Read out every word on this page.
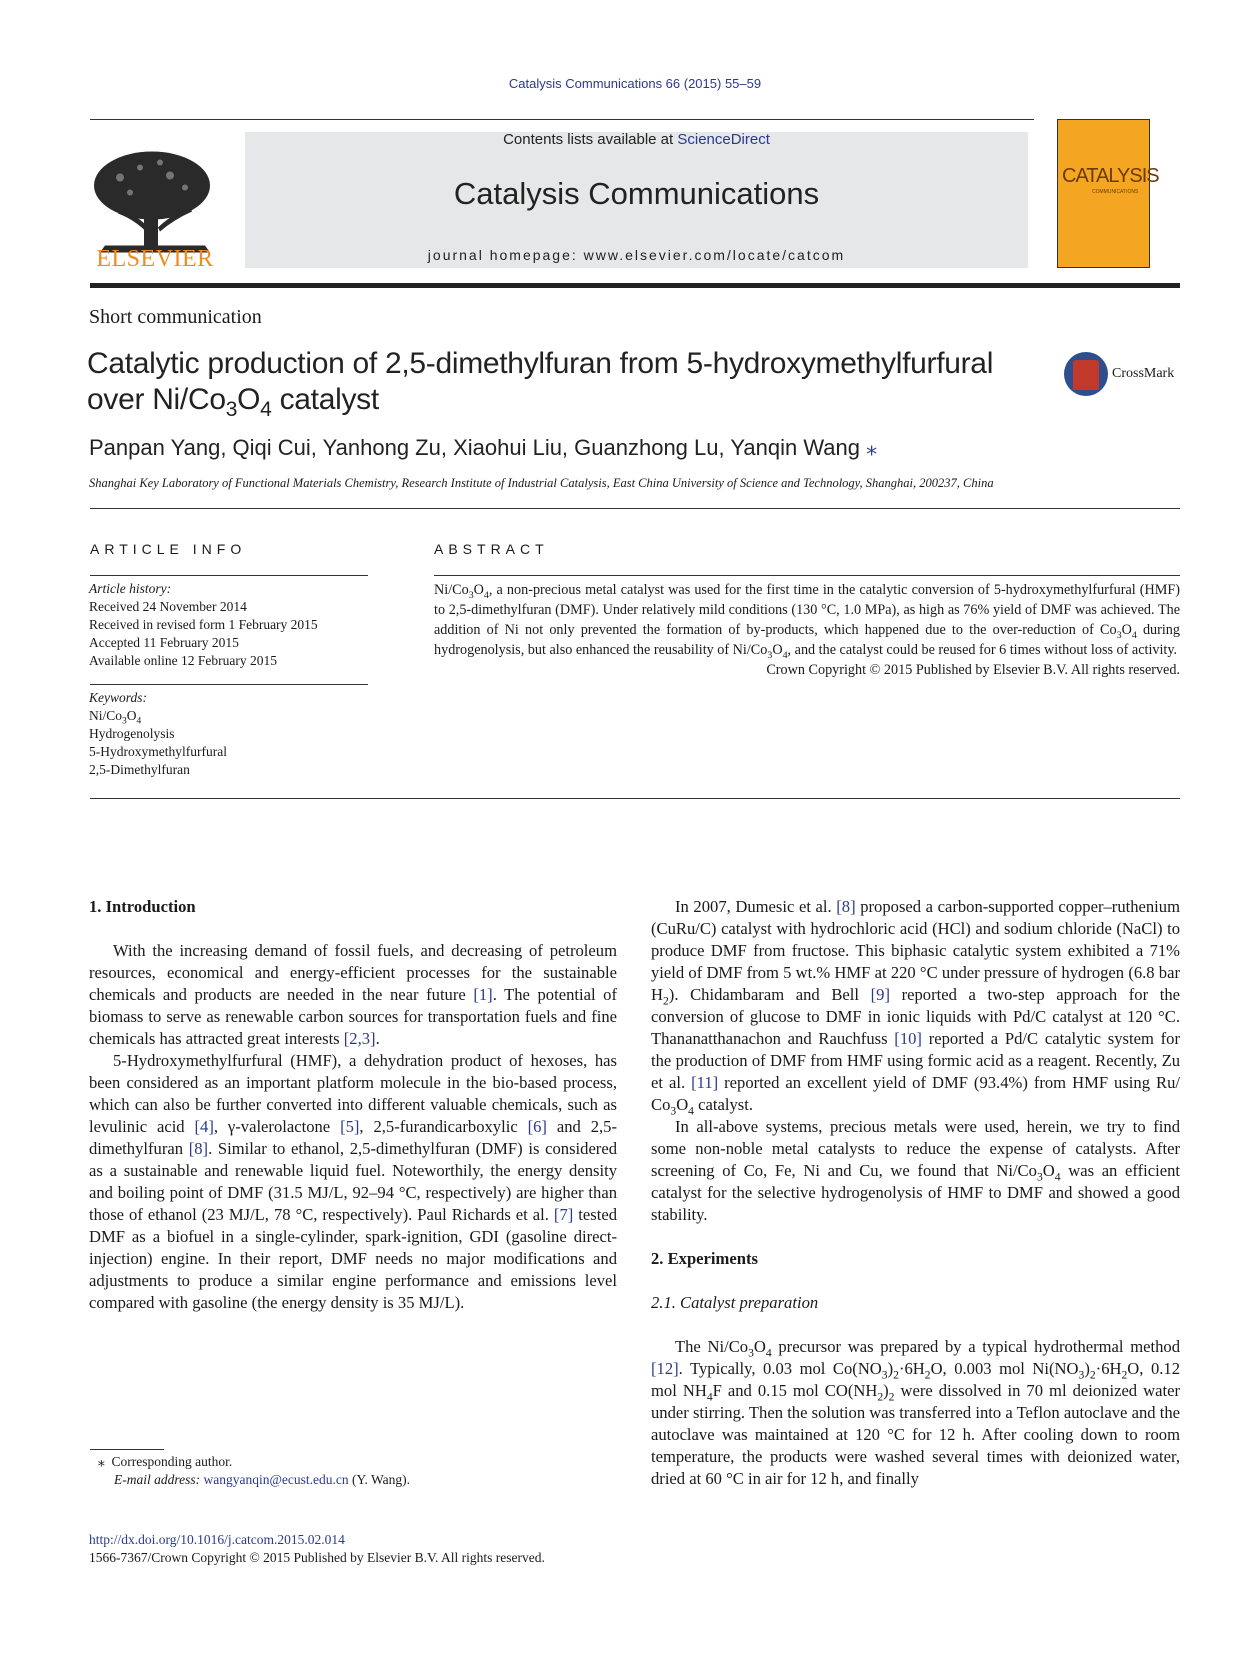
Catalysis Communications 66 (2015) 55–59
ELSEVIER
Contents lists available at ScienceDirect
Catalysis Communications
journal homepage: www.elsevier.com/locate/catcom
CATALYSIS
COMMUNICATIONS
Short communication
Catalytic production of 2,5-dimethylfuran from 5-hydroxymethylfurfural
over $Ni/Co_3O_4$ catalyst
CrossMark
Panpan Yang, Qiqi Cui, Yanhong Zu, Xiaohui Liu, Guanzhong Lu, Yanqin Wang ⁎
Shanghai Key Laboratory of Functional Materials Chemistry, Research Institute of Industrial Catalysis, East China University of Science and Technology, Shanghai, 200237, China
ARTICLE INFO
Article history:
Received 24 November 2014
Received in revised form 1 February 2015
Accepted 11 February 2015
Available online 12 February 2015
Keywords:
$Ni/Co_3O_4$
Hydrogenolysis
5-Hydroxymethylfurfural
2,5-Dimethylfuran
ABSTRACT
$Ni/Co_3O_4$, a non-precious metal catalyst was used for the first time in the catalytic conversion of 5-hydroxymethylfurfural (HMF) to 2,5-dimethylfuran (DMF). Under relatively mild conditions (130 °C, 1.0 MPa), as high as 76% yield of DMF was achieved. The addition of Ni not only prevented the formation of by-products, which happened due to the over-reduction of $Co_3O_4$ during hydrogenolysis, but also enhanced the reusability of $Ni/Co_3O_4$, and the catalyst could be reused for 6 times without loss of activity.
Crown Copyright © 2015 Published by Elsevier B.V. All rights reserved.

1. Introduction

With the increasing demand of fossil fuels, and decreasing of petroleum resources, economical and energy-efficient processes for the sustainable chemicals and products are needed in the near future [1]. The potential of biomass to serve as renewable carbon sources for transportation fuels and fine chemicals has attracted great interests [2,3].

5-Hydroxymethylfurfural (HMF), a dehydration product of hexoses, has been considered as an important platform molecule in the bio-based process, which can also be further converted into different valuable chemicals, such as levulinic acid [4], γ-valerolactone [5], 2,5-furandicarboxylic [6] and 2,5-dimethylfuran [8]. Similar to ethanol, 2,5-dimethylfuran (DMF) is considered as a sustainable and renewable liquid fuel. Noteworthily, the energy density and boiling point of DMF (31.5 MJ/L, 92–94 °C, respectively) are higher than those of ethanol (23 MJ/L, 78 °C, respectively). Paul Richards et al. [7] tested DMF as a biofuel in a single-cylinder, spark-ignition, GDI (gasoline direct-injection) engine. In their report, DMF needs no major modifications and adjustments to produce a similar engine performance and emissions level compared with gasoline (the energy density is 35 MJ/L).

In 2007, Dumesic et al. [8] proposed a carbon-supported copper–ruthenium (CuRu/C) catalyst with hydrochloric acid (HCl) and sodium chloride (NaCl) to produce DMF from fructose. This biphasic catalytic system exhibited a 71% yield of DMF from 5 wt.% HMF at 220 °C under pressure of hydrogen (6.8 bar $H_2$). Chidambaram and Bell [9] reported a two-step approach for the conversion of glucose to DMF in ionic liquids with Pd/C catalyst at 120 °C. Thananatthanachon and Rauchfuss [10] reported a Pd/C catalytic system for the production of DMF from HMF using formic acid as a reagent. Recently, Zu et al. [11] reported an excellent yield of DMF (93.4%) from HMF using Ru/ $Co_3O_4$ catalyst.

In all-above systems, precious metals were used, herein, we try to find some non-noble metal catalysts to reduce the expense of catalysts. After screening of Co, Fe, Ni and Cu, we found that $Ni/Co_3O_4$ was an efficient catalyst for the selective hydrogenolysis of HMF to DMF and showed a good stability.

2. Experiments

2.1. Catalyst preparation

The $Ni/Co_3O_4$ precursor was prepared by a typical hydrothermal method [12]. Typically, 0.03 mol $Co(NO_3)_2\cdot 6H_2O$, 0.003 mol $Ni(NO_3)_2\cdot 6H_2O$, 0.12 mol $NH_4F$ and 0.15 mol $CO(NH_2)_2$ were dissolved in 70 ml deionized water under stirring. Then the solution was transferred into a Teflon autoclave and the autoclave was maintained at 120 °C for 12 h. After cooling down to room temperature, the products were washed several times with deionized water, dried at 60 °C in air for 12 h, and finally

⁎ Corresponding author.
E-mail address: wangyanqin@ecust.edu.cn (Y. Wang).
http://dx.doi.org/10.1016/j.catcom.2015.02.014
1566-7367/Crown Copyright © 2015 Published by Elsevier B.V. All rights reserved.
